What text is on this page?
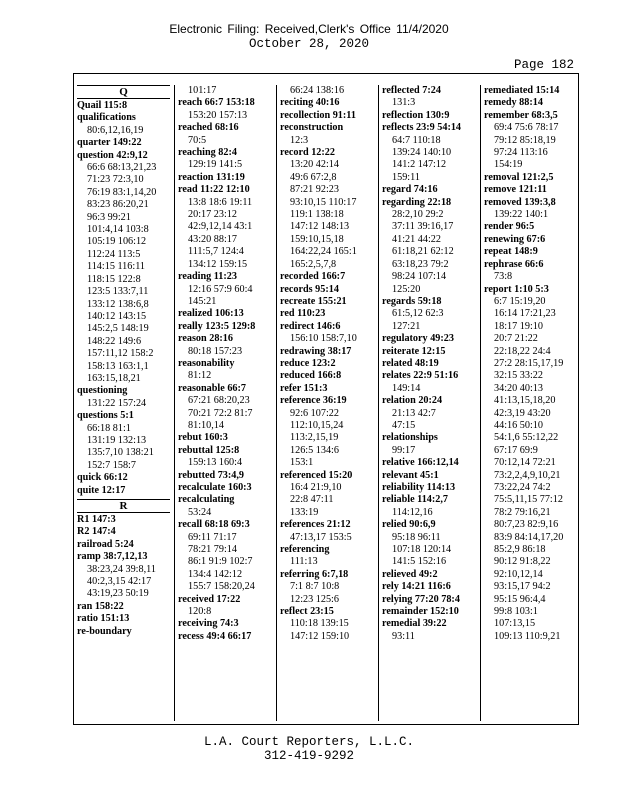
Electronic Filing: Received,Clerk's Office 11/4/2020
October 28, 2020
Page 182
Q
Quail 115:8
qualifications
80:6,12,16,19
quarter 149:22
question 42:9,12
66:6 68:13,21,23
71:23 72:3,10
76:19 83:1,14,20
83:23 86:20,21
96:3 99:21
101:4,14 103:8
105:19 106:12
112:24 113:5
114:15 116:11
118:15 122:8
123:5 133:7,11
133:12 138:6,8
140:12 143:15
145:2,5 148:19
148:22 149:6
157:11,12 158:2
158:13 163:1,1
163:15,18,21
questioning
131:22 157:24
questions 5:1
66:18 81:1
131:19 132:13
135:7,10 138:21
152:7 158:7
quick 66:12
quite 12:17
R
R1 147:3
R2 147:4
railroad 5:24
ramp 38:7,12,13
38:23,24 39:8,11
40:2,3,15 42:17
43:19,23 50:19
ran 158:22
ratio 151:13
re-boundary
101:17
reach 66:7 153:18
153:20 157:13
reached 68:16
70:5
reaching 82:4
129:19 141:5
reaction 131:19
read 11:22 12:10
13:8 18:6 19:11
20:17 23:12
42:9,12,14 43:1
43:20 88:17
111:5,7 124:4
134:12 159:15
reading 11:23
12:16 57:9 60:4
145:21
realized 106:13
really 123:5 129:8
reason 28:16
80:18 157:23
reasonability
81:12
reasonable 66:7
67:21 68:20,23
70:21 72:2 81:7
81:10,14
rebut 160:3
rebuttal 125:8
159:13 160:4
rebutted 73:4,9
recalculate 160:3
recalculating
53:24
recall 68:18 69:3
69:11 71:17
78:21 79:14
86:1 91:9 102:7
134:4 142:12
155:7 158:20,24
received 17:22
120:8
receiving 74:3
recess 49:4 66:17
66:24 138:16
reciting 40:16
recollection 91:11
reconstruction
12:3
record 12:22
13:20 42:14
49:6 67:2,8
87:21 92:23
93:10,15 110:17
119:1 138:18
147:12 148:13
159:10,15,18
164:22,24 165:1
165:2,5,7,8
recorded 166:7
records 95:14
recreate 155:21
red 110:23
redirect 146:6
156:10 158:7,10
redrawing 38:17
reduce 123:2
reduced 166:8
refer 151:3
reference 36:19
92:6 107:22
112:10,15,24
113:2,15,19
126:5 134:6
153:1
referenced 15:20
16:4 21:9,10
22:8 47:11
133:19
references 21:12
47:13,17 153:5
referencing
111:13
referring 6:7,18
7:1 8:7 10:8
12:23 125:6
reflect 23:15
110:18 139:15
147:12 159:10
reflected 7:24
131:3
reflection 130:9
reflects 23:9 54:14
64:7 110:18
139:24 140:10
141:2 147:12
159:11
regard 74:16
regarding 22:18
28:2,10 29:2
37:11 39:16,17
41:21 44:22
61:18,21 62:12
63:18,23 79:2
98:24 107:14
125:20
regards 59:18
61:5,12 62:3
127:21
regulatory 49:23
reiterate 12:15
related 48:19
relates 22:9 51:16
149:14
relation 20:24
21:13 42:7
47:15
relationships
99:17
relative 166:12,14
relevant 45:1
reliability 114:13
reliable 114:2,7
114:12,16
relied 90:6,9
95:18 96:11
107:18 120:14
141:5 152:16
relieved 49:2
rely 14:21 116:6
relying 77:20 78:4
remainder 152:10
remedial 39:22
93:11
remediated 15:14
remedy 88:14
remember 68:3,5
69:4 75:6 78:17
79:12 85:18,19
97:24 113:16
154:19
removal 121:2,5
remove 121:11
removed 139:3,8
139:22 140:1
render 96:5
renewing 67:6
repeat 148:9
rephrase 66:6
73:8
report 1:10 5:3
6:7 15:19,20
16:14 17:21,23
18:17 19:10
20:7 21:22
22:18,22 24:4
27:2 28:15,17,19
32:15 33:22
34:20 40:13
41:13,15,18,20
42:3,19 43:20
44:16 50:10
54:1,6 55:12,22
67:17 69:9
70:12,14 72:21
73:2,2,4,9,10,21
73:22,24 74:2
75:5,11,15 77:12
78:2 79:16,21
80:7,23 82:9,16
83:9 84:14,17,20
85:2,9 86:18
90:12 91:8,22
92:10,12,14
93:15,17 94:2
95:15 96:4,4
99:8 103:1
107:13,15
109:13 110:9,21
L.A. Court Reporters, L.L.C.
312-419-9292
